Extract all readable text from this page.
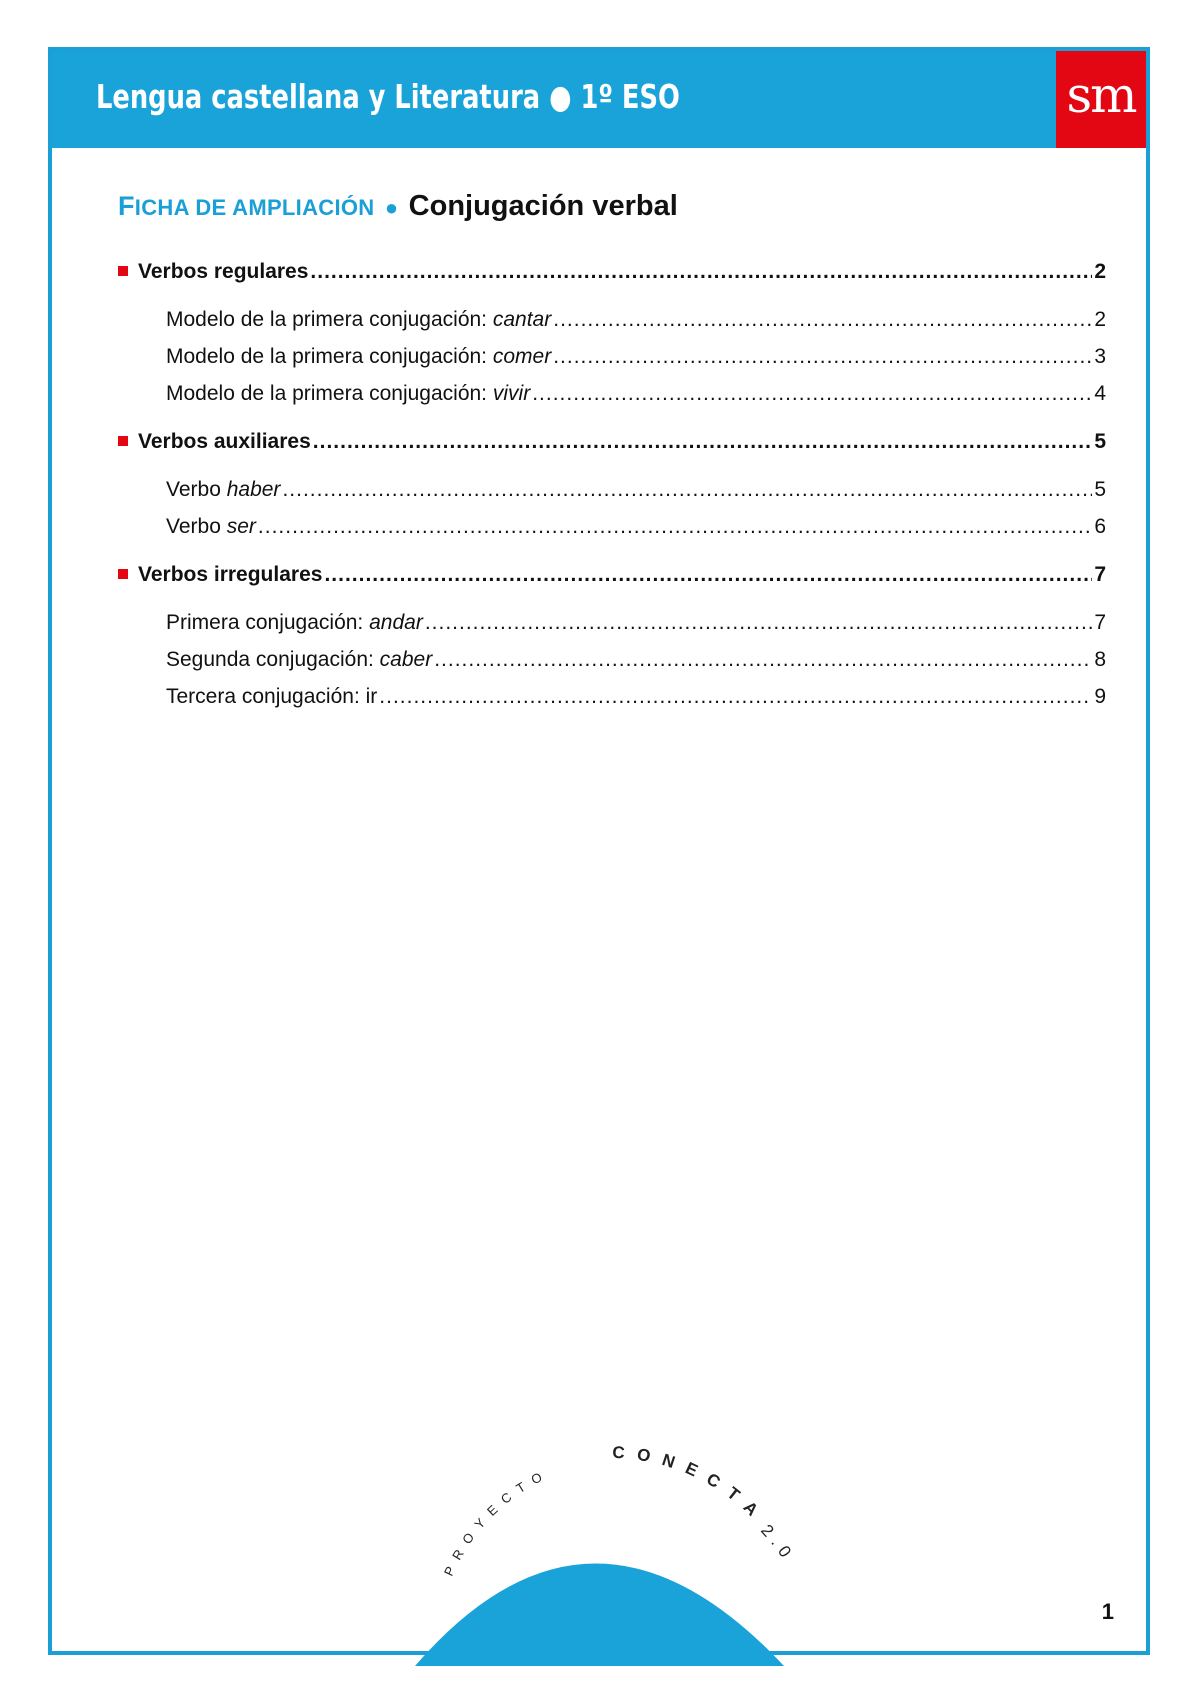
Lengua castellana y Literatura ● 1º ESO	sm
FICHA DE AMPLIACIÓN ● Conjugación verbal
Verbos regulares .....	2
Modelo de la primera conjugación: cantar .....	2
Modelo de la primera conjugación: comer .....	3
Modelo de la primera conjugación: vivir .....	4
Verbos auxiliares .....	5
Verbo haber .....	5
Verbo ser .....	6
Verbos irregulares .....	7
Primera conjugación: andar .....	7
Segunda conjugación: caber .....	8
Tercera conjugación: ir .....	9
PROYECTO
CONECTA
2.0
1
